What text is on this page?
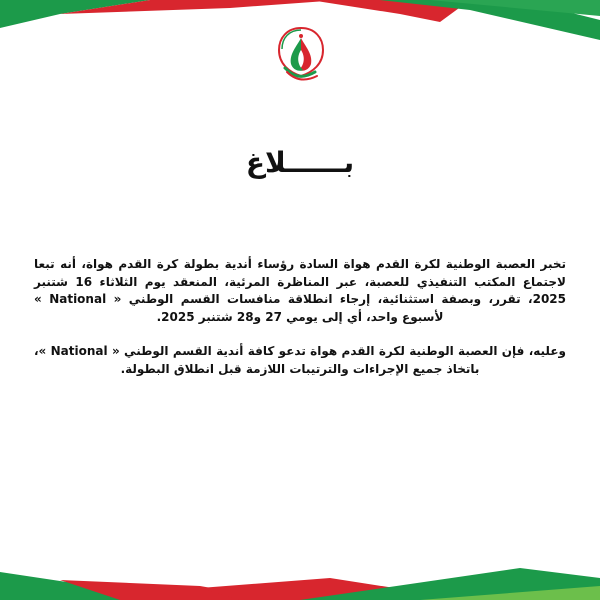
بــــــلاغ

تخبر العصبة الوطنية لكرة القدم هواة السادة رؤساء أندية بطولة كرة القدم هواة، أنه تبعا لاجتماع المكتب التنفيذي للعصبة، عبر المناظرة المرئية، المنعقد يوم الثلاثاء 16 شتنبر 2025، تقرر، وبصفة استثنائية، إرجاء انطلاقة منافسات القسم الوطني « National » لأسبوع واحد، أي إلى يومي 27 و28 شتنبر 2025.

وعليه، فإن العصبة الوطنية لكرة القدم هواة تدعو كافة أندية القسم الوطني « National »، باتخاذ جميع الإجراءات والترتيبات اللازمة قبل انطلاق البطولة.
